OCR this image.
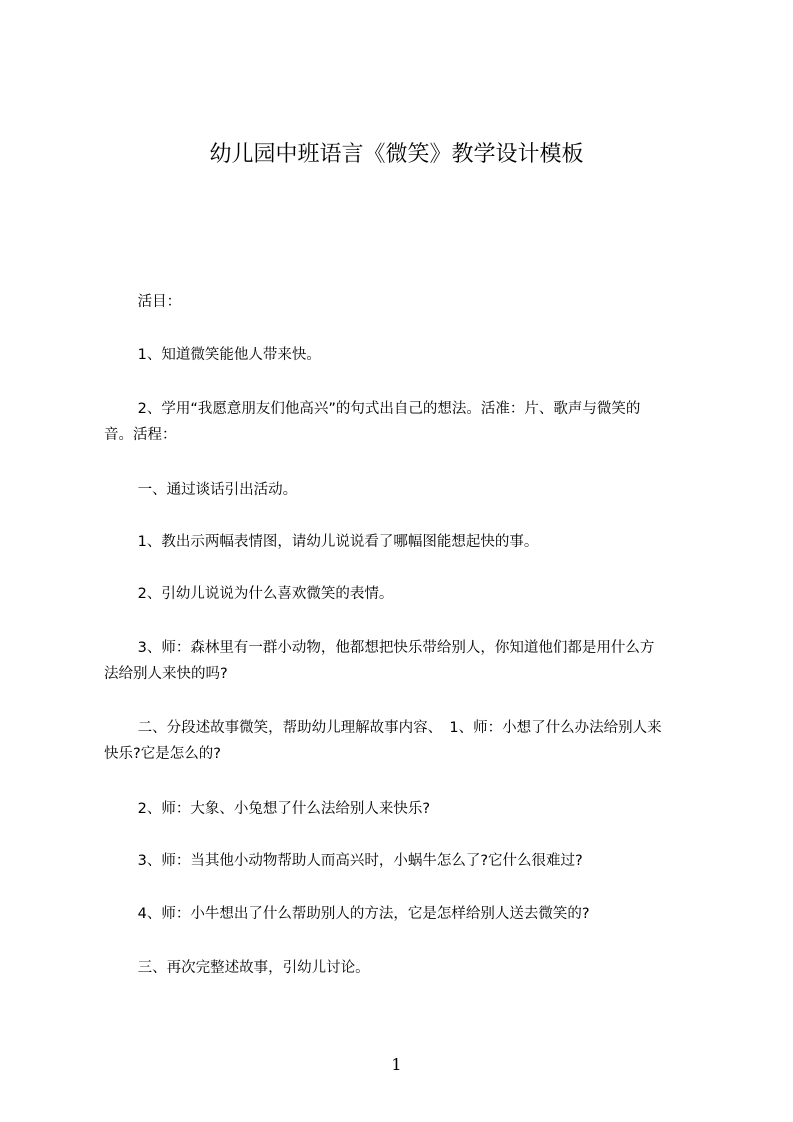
幼儿园中班语言《微笑》教学设计模板
　　 活目：
　　 1、知道微笑能他人带来快。
　　 2、学用“我愿意朋友们他高兴”的句式出自己的想法。活准：片、歌声与微笑的
音。活程：
　　 一、通过谈话引出活动。
　　 1、教出示两幅表情图，请幼儿说说看了哪幅图能想起快的事。
　　 2、引幼儿说说为什么喜欢微笑的表情。
　　 3、师：森林里有一群小动物，他都想把快乐带给别人，你知道他们都是用什么方
法给别人来快的吗?
　　 二、分段述故事微笑，帮助幼儿理解故事内容、　1、师：小想了什么办法给别人来
快乐?它是怎么的?
　　 2、师：大象、小兔想了什么法给别人来快乐?
　　 3、师：当其他小动物帮助人而高兴时，小蜗牛怎么了?它什么很难过?
　　 4、师：小牛想出了什么帮助别人的方法，它是怎样给别人送去微笑的?
　　 三、再次完整述故事，引幼儿讨论。
1
